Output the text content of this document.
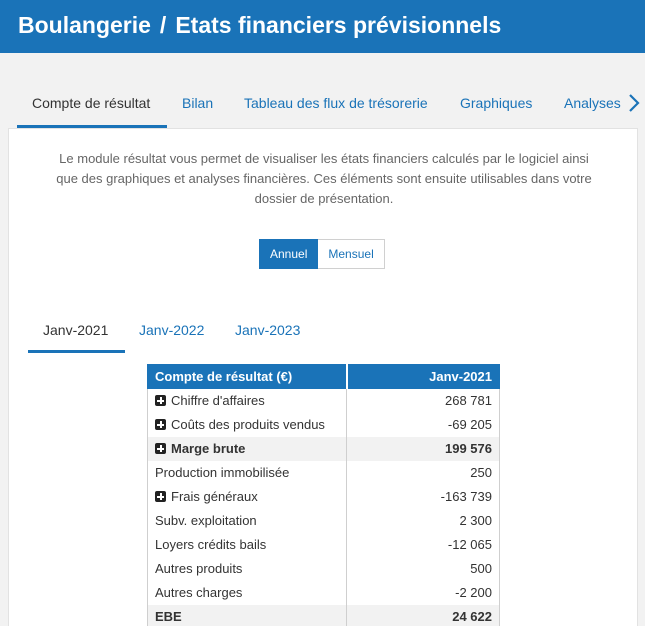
Boulangerie / Etats financiers prévisionnels
Compte de résultat Bilan Tableau des flux de trésorerie Graphiques Analyses

Le module résultat vous permet de visualiser les états financiers calculés par le logiciel ainsi que des graphiques et analyses financières. Ces éléments sont ensuite utilisables dans votre dossier de présentation.

Annuel	Mensuel
Janv-2021 Janv-2022 Janv-2023
Compte de résultat (€)	Janv-2021
Chiffre d'affaires	268 781
Coûts des produits vendus	-69 205
Marge brute	199 576
Production immobilisée	250
Frais généraux	-163 739
Subv. exploitation	2 300
Loyers crédits bails	-12 065
Autres produits	500
Autres charges	-2 200
EBE	24 622
